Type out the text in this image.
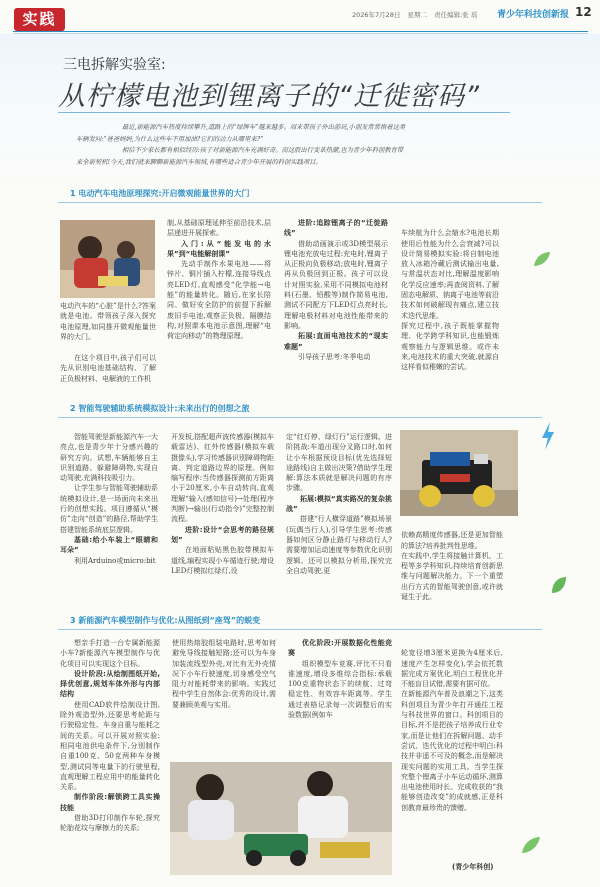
实践	2026年7月28日 星期二 责任编辑:张 瑶 青少年科技创新报 12
三电拆解实验室:
从柠檬电池到锂离子的“迁徙密码”
最近,新能源汽车热度持续攀升,道路上的“绿牌车”越来越多。周末带孩子外出游玩,小朋友常常指着这类
车辆发问:“爸爸妈妈,为什么这些车不用加油?它们的动力从哪里来?”
相信不少家长都有相似经历:孩子对新能源汽车充满好奇。而这股出行变革热潮,也为青少年科创教育带
来全新契机!今天,我们就来聊聊新能源汽车领域,有哪些适合青少年开展的科创实践项目。
1 电动汽车电池原理探究:开启微观能量世界的大门
电动汽车的“心脏”是什么?答案就是电池。带领孩子深入探究电池原理,如同推开微观能量世界的大门。

在这个项目中,孩子们可以先从识别电池基础结构、了解正负极材料、电解液的工作机

制,从基础原理延伸至前沿技术,层层递进开展探索。

入门:从“能发电的水果”到“电能解剖课”

先动手制作水果电池——将锌片、铜片插入柠檬,连接导线点亮LED灯,直观感受“化学能→电能”的能量转化。随后,在家长陪同、做好安全防护的前提下拆解废旧手电池,观察正负极、隔膜结构,对照课本电池示意图,理解“电荷定向移动”的物理原理。

进阶:追踪锂离子的“迁徙路线”

借助动画演示或3D模型展示锂电池充放电过程:充电时,锂离子从正极向负极移动;放电时,锂离子再从负极回到正极。孩子可以设计对照实验,采用不同模拟电池材料(石墨、铅酸等)制作简易电池,测试不同配方下LED灯点亮时长,理解电极材料对电池性能带来的影响。

拓展:直面电池技术的“现实难题”

引导孩子思考:冬季电动

车续航为什么会缩水?电池长期使用后性能为什么会衰减?可以设计简易模拟实验:将自制电池放入冰箱冷藏后测试输出电量,与常温状态对比,理解温度影响化学反应速率;再查阅资料,了解固态电解质、钠离子电池等前沿技术如何破解现有痛点,建立技术迭代思维。
探究过程中,孩子既能掌握物理、化学跨学科知识,也能锻炼观察能力与逻辑思维。或许未来,电池技术的重大突破,就源自这样看似稚嫩的尝试。

2 智能驾驶辅助系统模拟设计:未来出行的创想之旅

智能驾驶是新能源汽车一大亮点,也是青少年十分感兴趣的研究方向。试想,车辆能够自主识别道路、躲避障碍物,实现自动驾驶,充满科技吸引力。

让学生参与智能驾驶辅助系统模拟设计,是一场面向未来出行的创想实践。项目遵循从“模仿”走向“创造”的路径,帮助学生搭建智能系统底层逻辑。

基础:给小车装上“眼睛和耳朵”

利用Arduino或micro:bit

开发板,搭配超声波传感器(模拟车载雷达)、红外传感器(模拟车载摄像头),学习传感器识别障碍物距离、判定道路边界的原理。例如编写程序:当传感器探测前方距离小于20厘米,小车自动转向,直观理解“输入(感知信号)→处理(程序判断)→输出(行动指令)”完整控制流程。

进阶:设计“会思考的路径规划”

在地面粘贴黑色胶带模拟车道线,编程实现小车循迹行驶;增设LED灯模拟红绿灯,设

定“红灯停、绿灯行”运行逻辑。进阶挑战:车道出现分叉路口时,如何让小车根据预设目标(优先选择短途路线)自主做出决策?借助学生理解:算法本质就是解决问题的有序步骤。

拓展:模拟“真实路况的复杂挑战”

搭建“行人横穿道路”模拟场景(玩偶当行人),引导学生思考:传感器如何区分静止路灯与移动行人?需要增加运动速度等参数优化识别逻辑。还可以模拟分析用,探究完全自动驾驶,更

依赖高精度传感器,还是更加智能的算法?培养批判性思维。
在实践中,学生将接触计算机、工程等多学科知识,持续培育创新思维与问题解决能力。下一个重塑出行方式的智能驾驶创意,或许就诞生于此。

3 新能源汽车模型制作与优化:从图纸到“座驾”的蜕变

想亲手打造一台专属新能源小车?新能源汽车模型制作与优化项目可以实现这个目标。

设计阶段:从绘制图纸开始,择优创意,规划车体外形与内部结构

使用CAD软件绘制设计图,除外观造型外,还要思考轮距与行驶稳定性、车身自重与能耗之间的关系。可以开展对照实验:相同电池供电条件下,分别制作自重100克、50克两种车身模型,测试同等电量下的行驶里程,直观理解工程应用中的能量转化关系。

制作阶段:解锁跨工具实操技能

借助3D打印制作车轮,探究轮胎花纹与摩擦力的关系;

使用热熔胶组装电路时,思考如何避免导线接触短路;还可以为车身加装流线型外壳,对比有无外壳情况下小车行驶速度,切身感受空气阻力对能耗带来的影响。实践过程中学生自然体会:优秀的设计,需要兼顾美观与实用。

优化阶段:开展数据化性能竞赛

组织模型车竞赛,评比不只看谁速度,增设多维综合指标:承载100克重物状态下的续航、过弯稳定性、有效容车距离等。学生通过表格记录每一次调整后的实验数据(例如车

轮宽径增3厘米更换为4厘米后,速度产生怎样变化),学会依托数据完成方案优化,明白工程优化并不能盲目试错,需要有据可依。
在新能源汽车普及浪潮之下,这类科创项目为青少年打开通往工程与科技世界的窗口。科创项目的目标,并不是把孩子培养成行业专家,而是让他们在拆解问题、动手尝试、迭代优化的过程中明白:科技并非遥不可及的概念,而是解决现实问题的实用工具。当学生探究整个锂离子小车运动循环,测算出电池使用时长、完成收获的“我能够创造改变”的成就感,正是科创教育最珍贵的馈赠。

(青少年科创)
